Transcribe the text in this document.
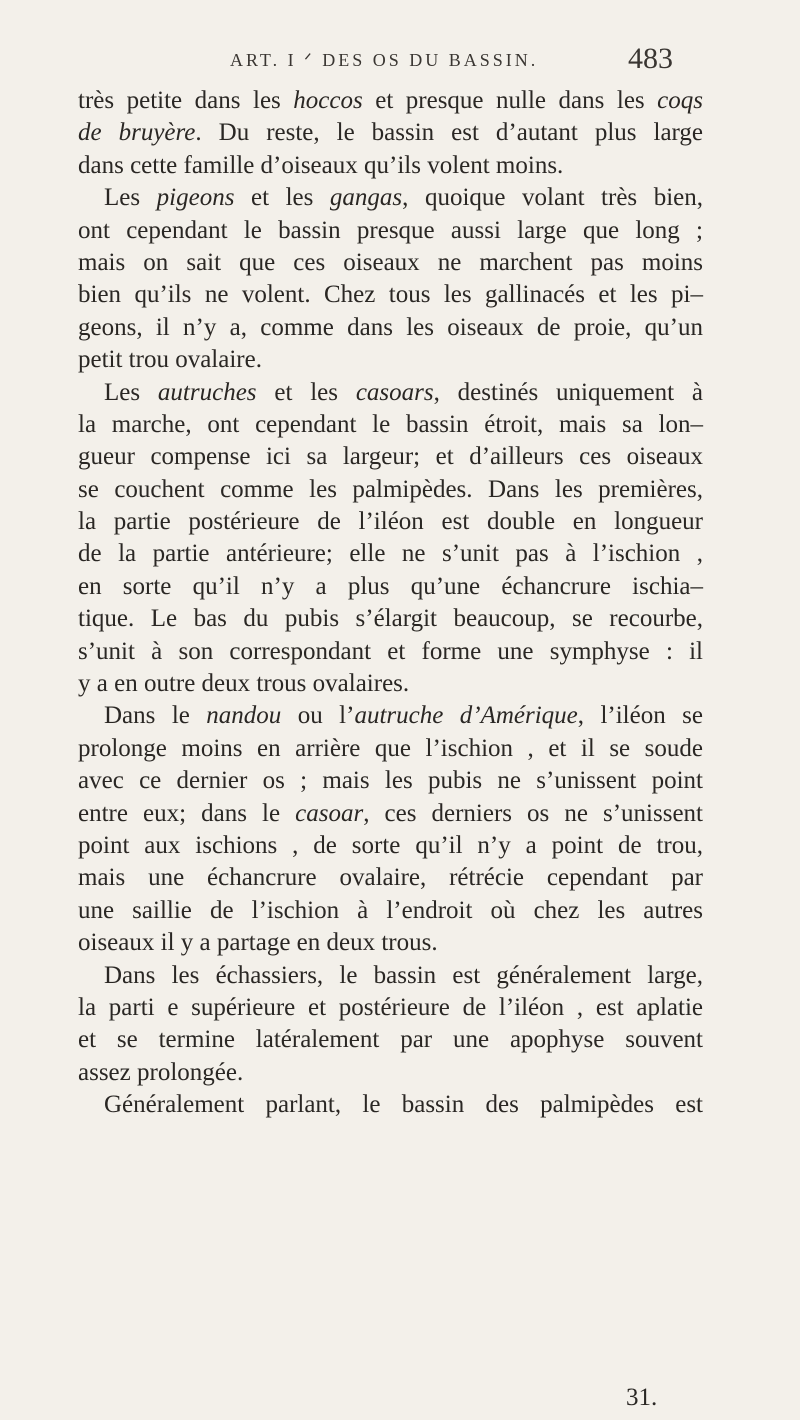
ART. I ᐟ DES OS DU BASSIN.	483
très petite dans les hoccos et presque nulle dans les coqs
de bruyère. Du reste, le bassin est d’autant plus large
dans cette famille d’oiseaux qu’ils volent moins.
Les pigeons et les gangas, quoique volant très bien,
ont cependant le bassin presque aussi large que long ;
mais on sait que ces oiseaux ne marchent pas moins
bien qu’ils ne volent. Chez tous les gallinacés et les pi–
geons, il n’y a, comme dans les oiseaux de proie, qu’un
petit trou ovalaire.
Les autruches et les casoars, destinés uniquement à
la marche, ont cependant le bassin étroit, mais sa lon–
gueur compense ici sa largeur; et d’ailleurs ces oiseaux
se couchent comme les palmipèdes. Dans les premières,
la partie postérieure de l’iléon est double en longueur
de la partie antérieure; elle ne s’unit pas à l’ischion ,
en sorte qu’il n’y a plus qu’une échancrure ischia–
tique. Le bas du pubis s’élargit beaucoup, se recourbe,
s’unit à son correspondant et forme une symphyse : il
y a en outre deux trous ovalaires.
Dans le nandou ou l’autruche d’Amérique, l’iléon se
prolonge moins en arrière que l’ischion , et il se soude
avec ce dernier os ; mais les pubis ne s’unissent point
entre eux; dans le casoar, ces derniers os ne s’unissent
point aux ischions , de sorte qu’il n’y a point de trou,
mais une échancrure ovalaire, rétrécie cependant par
une saillie de l’ischion à l’endroit où chez les autres
oiseaux il y a partage en deux trous.
Dans les échassiers, le bassin est généralement large,
la parti e supérieure et postérieure de l’iléon , est aplatie
et se termine latéralement par une apophyse souvent
assez prolongée.
Généralement parlant, le bassin des palmipèdes est
31.
